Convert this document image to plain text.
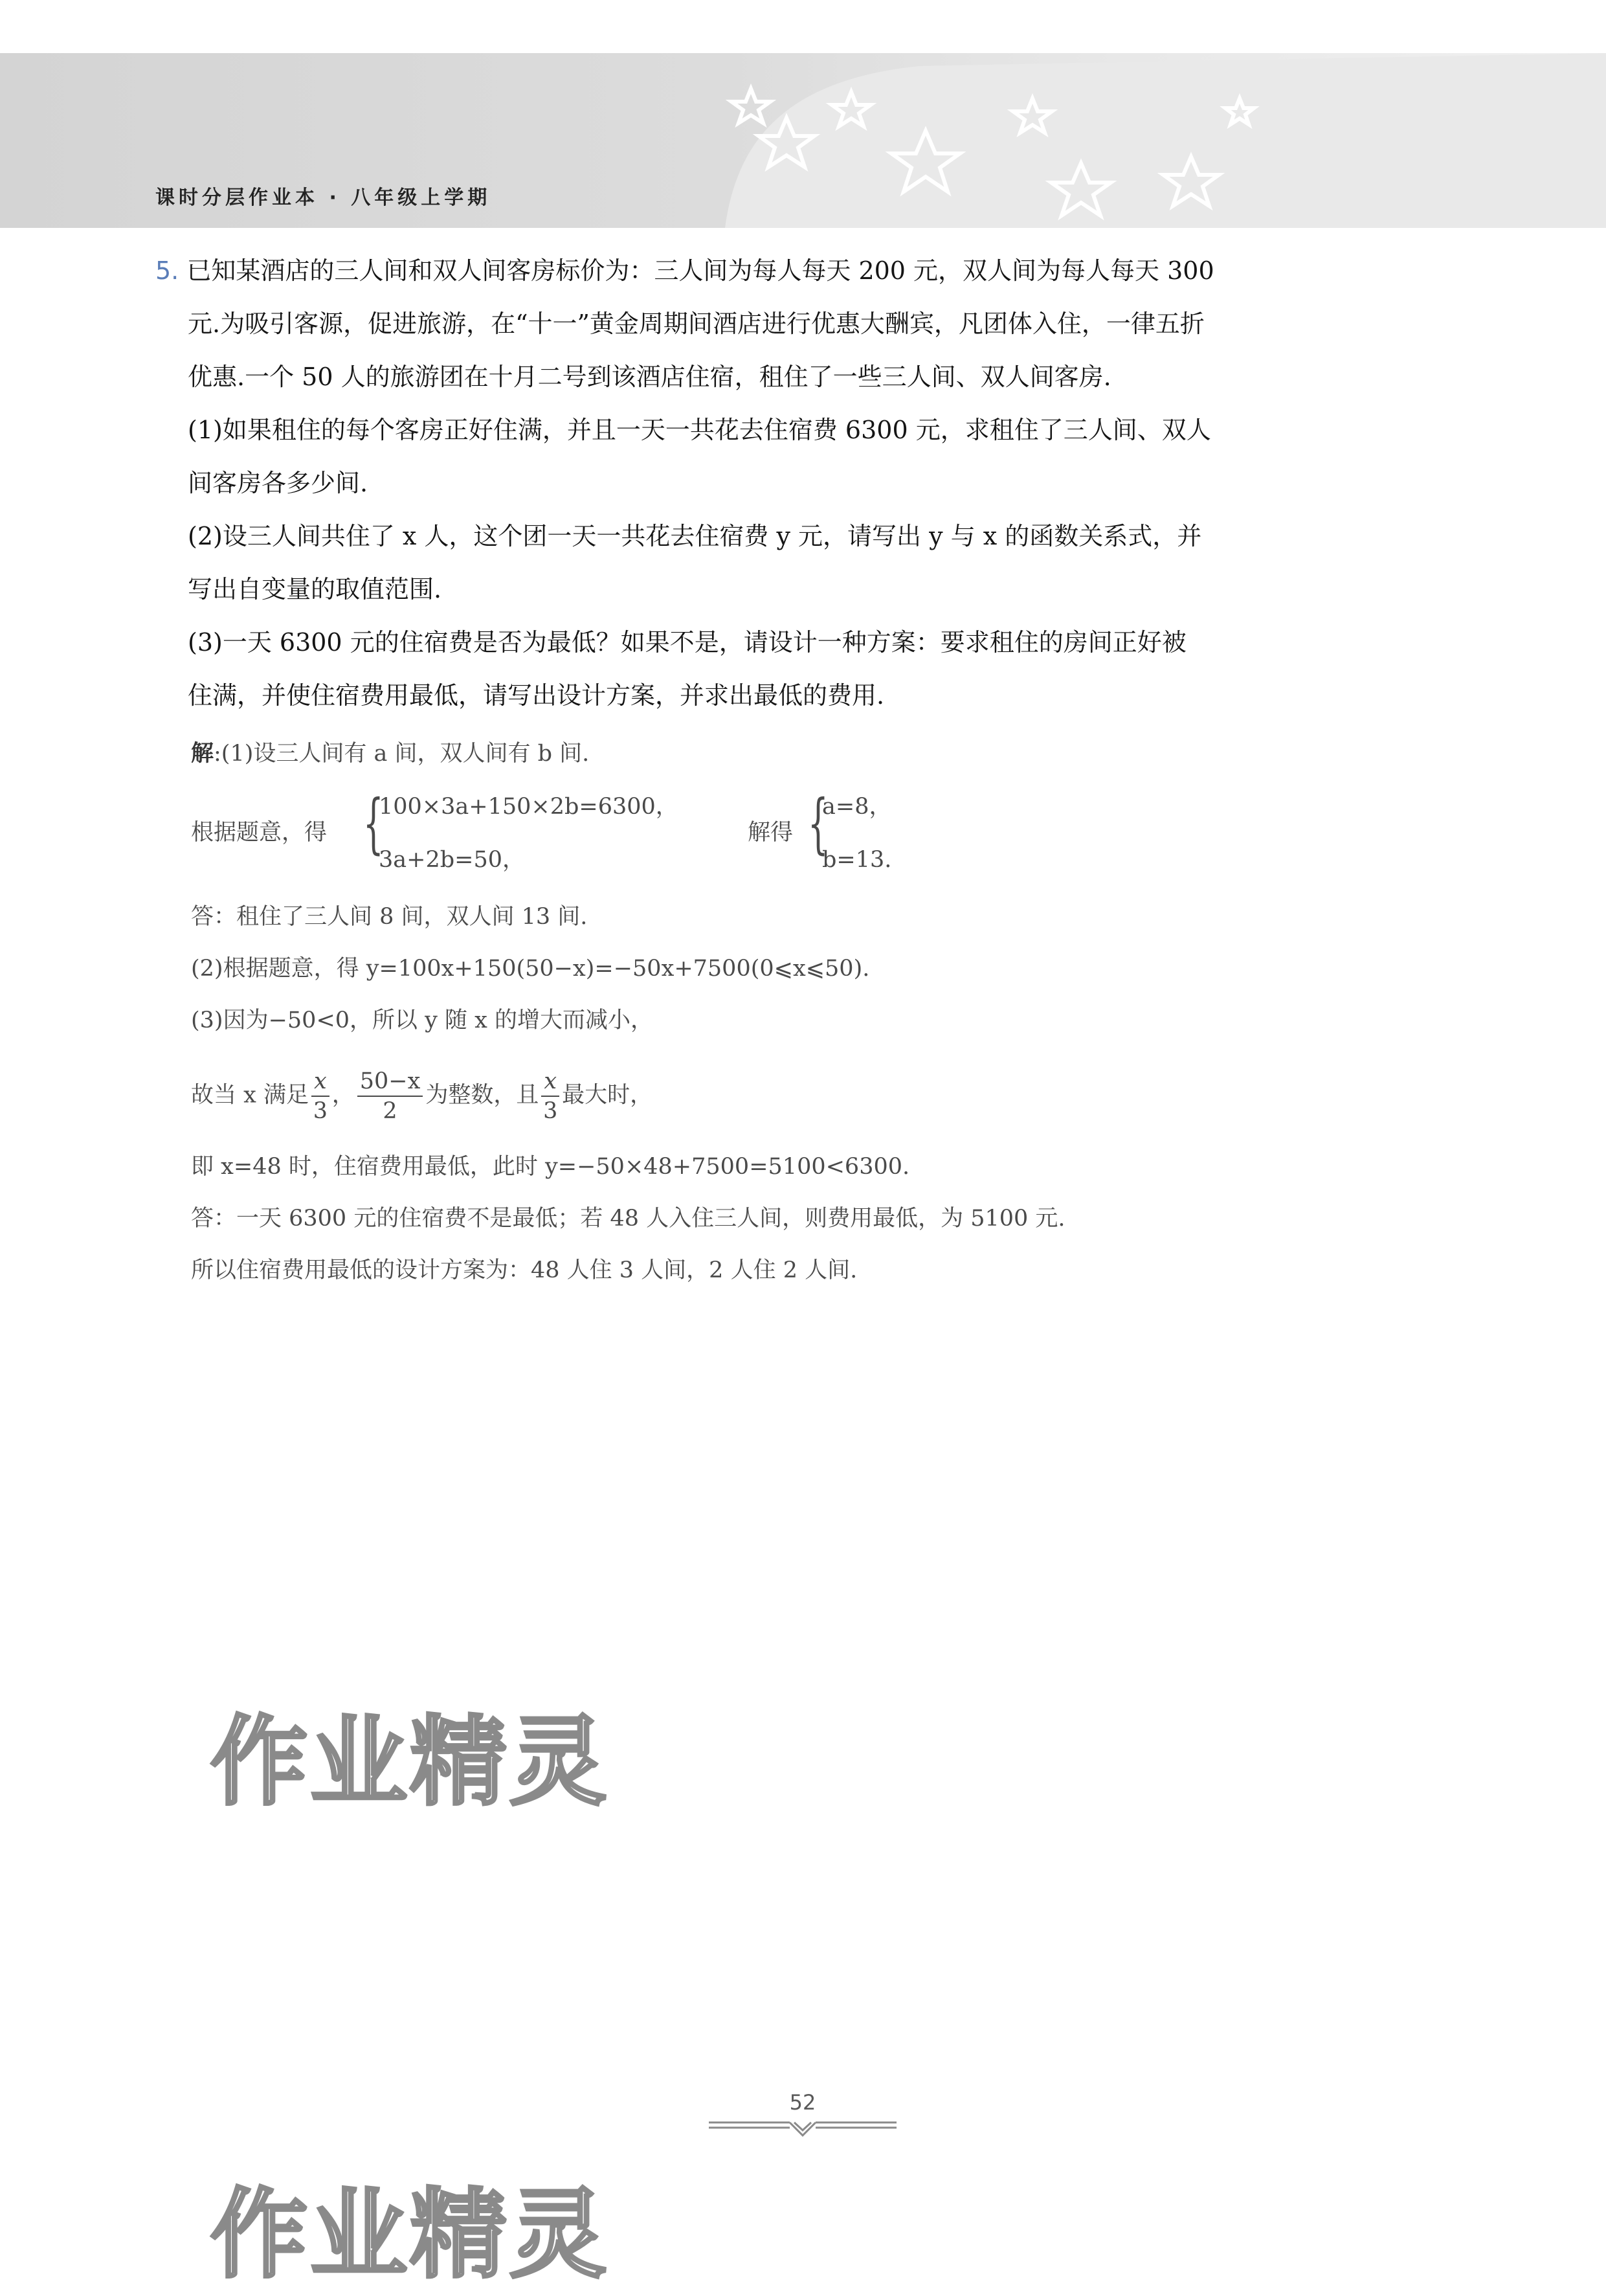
课时分层作业本 · 八年级上学期
5. 已知某酒店的三人间和双人间客房标价为：三人间为每人每天 200 元，双人间为每人每天 300
元.为吸引客源，促进旅游，在“十一”黄金周期间酒店进行优惠大酬宾，凡团体入住，一律五折
优惠.一个 50 人的旅游团在十月二号到该酒店住宿，租住了一些三人间、双人间客房.
(1)如果租住的每个客房正好住满，并且一天一共花去住宿费 6300 元，求租住了三人间、双人
间客房各多少间.
(2)设三人间共住了 x 人，这个团一天一共花去住宿费 y 元，请写出 y 与 x 的函数关系式，并
写出自变量的取值范围.
(3)一天 6300 元的住宿费是否为最低？如果不是，请设计一种方案：要求租住的房间正好被
住满，并使住宿费用最低，请写出设计方案，并求出最低的费用.
解:(1)设三人间有 a 间，双人间有 b 间.
根据题意，得 {
100×3a+150×2b=6300，
3a+2b=50，
解得 {
a=8，
b=13.
答：租住了三人间 8 间，双人间 13 间.
(2)根据题意，得 y=100x+150(50−x)=−50x+7500(0⩽x⩽50).
(3)因为−50<0，所以 y 随 x 的增大而减小，
故当 x 满足 $\frac{x}{3}$ ， $\frac{50-x}{2}$ 为整数，且 $\frac{x}{3}$ 最大时，
即 x=48 时，住宿费用最低，此时 y=−50×48+7500=5100<6300.
答：一天 6300 元的住宿费不是最低；若 48 人入住三人间，则费用最低，为 5100 元.
所以住宿费用最低的设计方案为：48 人住 3 人间，2 人住 2 人间.
作业精灵
作业精灵
52
